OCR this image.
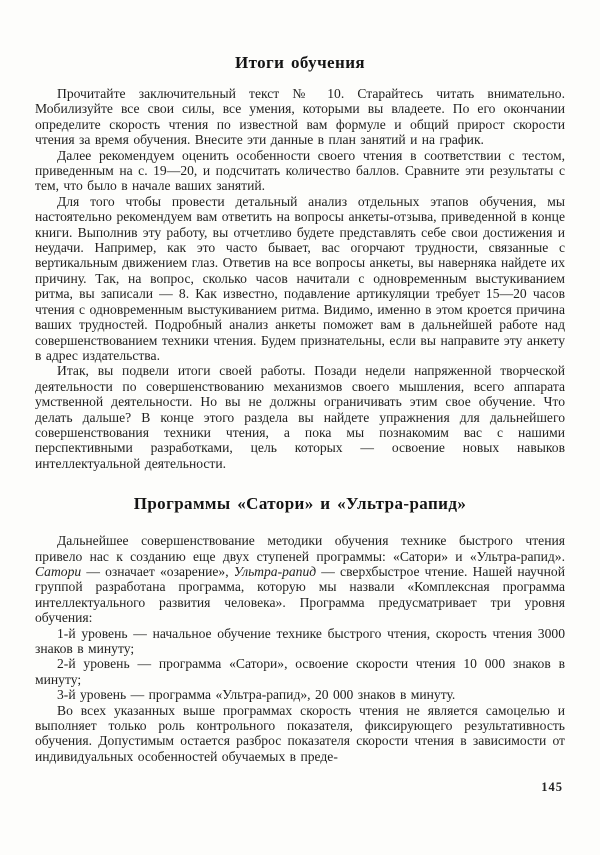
Итоги обучения

Прочитайте заключительный текст № 10. Старайтесь читать внимательно. Мобилизуйте все свои силы, все умения, которыми вы владеете. По его окончании определите скорость чтения по известной вам формуле и общий прирост скорости чтения за время обучения. Внесите эти данные в план занятий и на график.

Далее рекомендуем оценить особенности своего чтения в соответствии с тестом, приведенным на с. 19—20, и подсчитать количество баллов. Сравните эти результаты с тем, что было в начале ваших занятий.

Для того чтобы провести детальный анализ отдельных этапов обучения, мы настоятельно рекомендуем вам ответить на вопросы анкеты-отзыва, приведенной в конце книги. Выполнив эту работу, вы отчетливо будете представлять себе свои достижения и неудачи. Например, как это часто бывает, вас огорчают трудности, связанные с вертикальным движением глаз. Ответив на все вопросы анкеты, вы наверняка найдете их причину. Так, на вопрос, сколько часов начитали с одновременным выстукиванием ритма, вы записали — 8. Как известно, подавление артикуляции требует 15—20 часов чтения с одновременным выстукиванием ритма. Видимо, именно в этом кроется причина ваших трудностей. Подробный анализ анкеты поможет вам в дальнейшей работе над совершенствованием техники чтения. Будем признательны, если вы направите эту анкету в адрес издательства.

Итак, вы подвели итоги своей работы. Позади недели напряженной творческой деятельности по совершенствованию механизмов своего мышления, всего аппарата умственной деятельности. Но вы не должны ограничивать этим свое обучение. Что делать дальше? В конце этого раздела вы найдете упражнения для дальнейшего совершенствования техники чтения, а пока мы познакомим вас с нашими перспективными разработками, цель которых — освоение новых навыков интеллектуальной деятельности.

Программы «Сатори» и «Ультра-рапид»

Дальнейшее совершенствование методики обучения технике быстрого чтения привело нас к созданию еще двух ступеней программы: «Сатори» и «Ультра-рапид». Сатори — означает «озарение», Ультра-рапид — сверхбыстрое чтение. Нашей научной группой разработана программа, которую мы назвали «Комплексная программа интеллектуального развития человека». Программа предусматривает три уровня обучения:

1-й уровень — начальное обучение технике быстрого чтения, скорость чтения 3000 знаков в минуту;

2-й уровень — программа «Сатори», освоение скорости чтения 10 000 знаков в минуту;

3-й уровень — программа «Ультра-рапид», 20 000 знаков в минуту.

Во всех указанных выше программах скорость чтения не является самоцелью и выполняет только роль контрольного показателя, фиксирующего результативность обучения. Допустимым остается разброс показателя скорости чтения в зависимости от индивидуальных особенностей обучаемых в преде-

145
